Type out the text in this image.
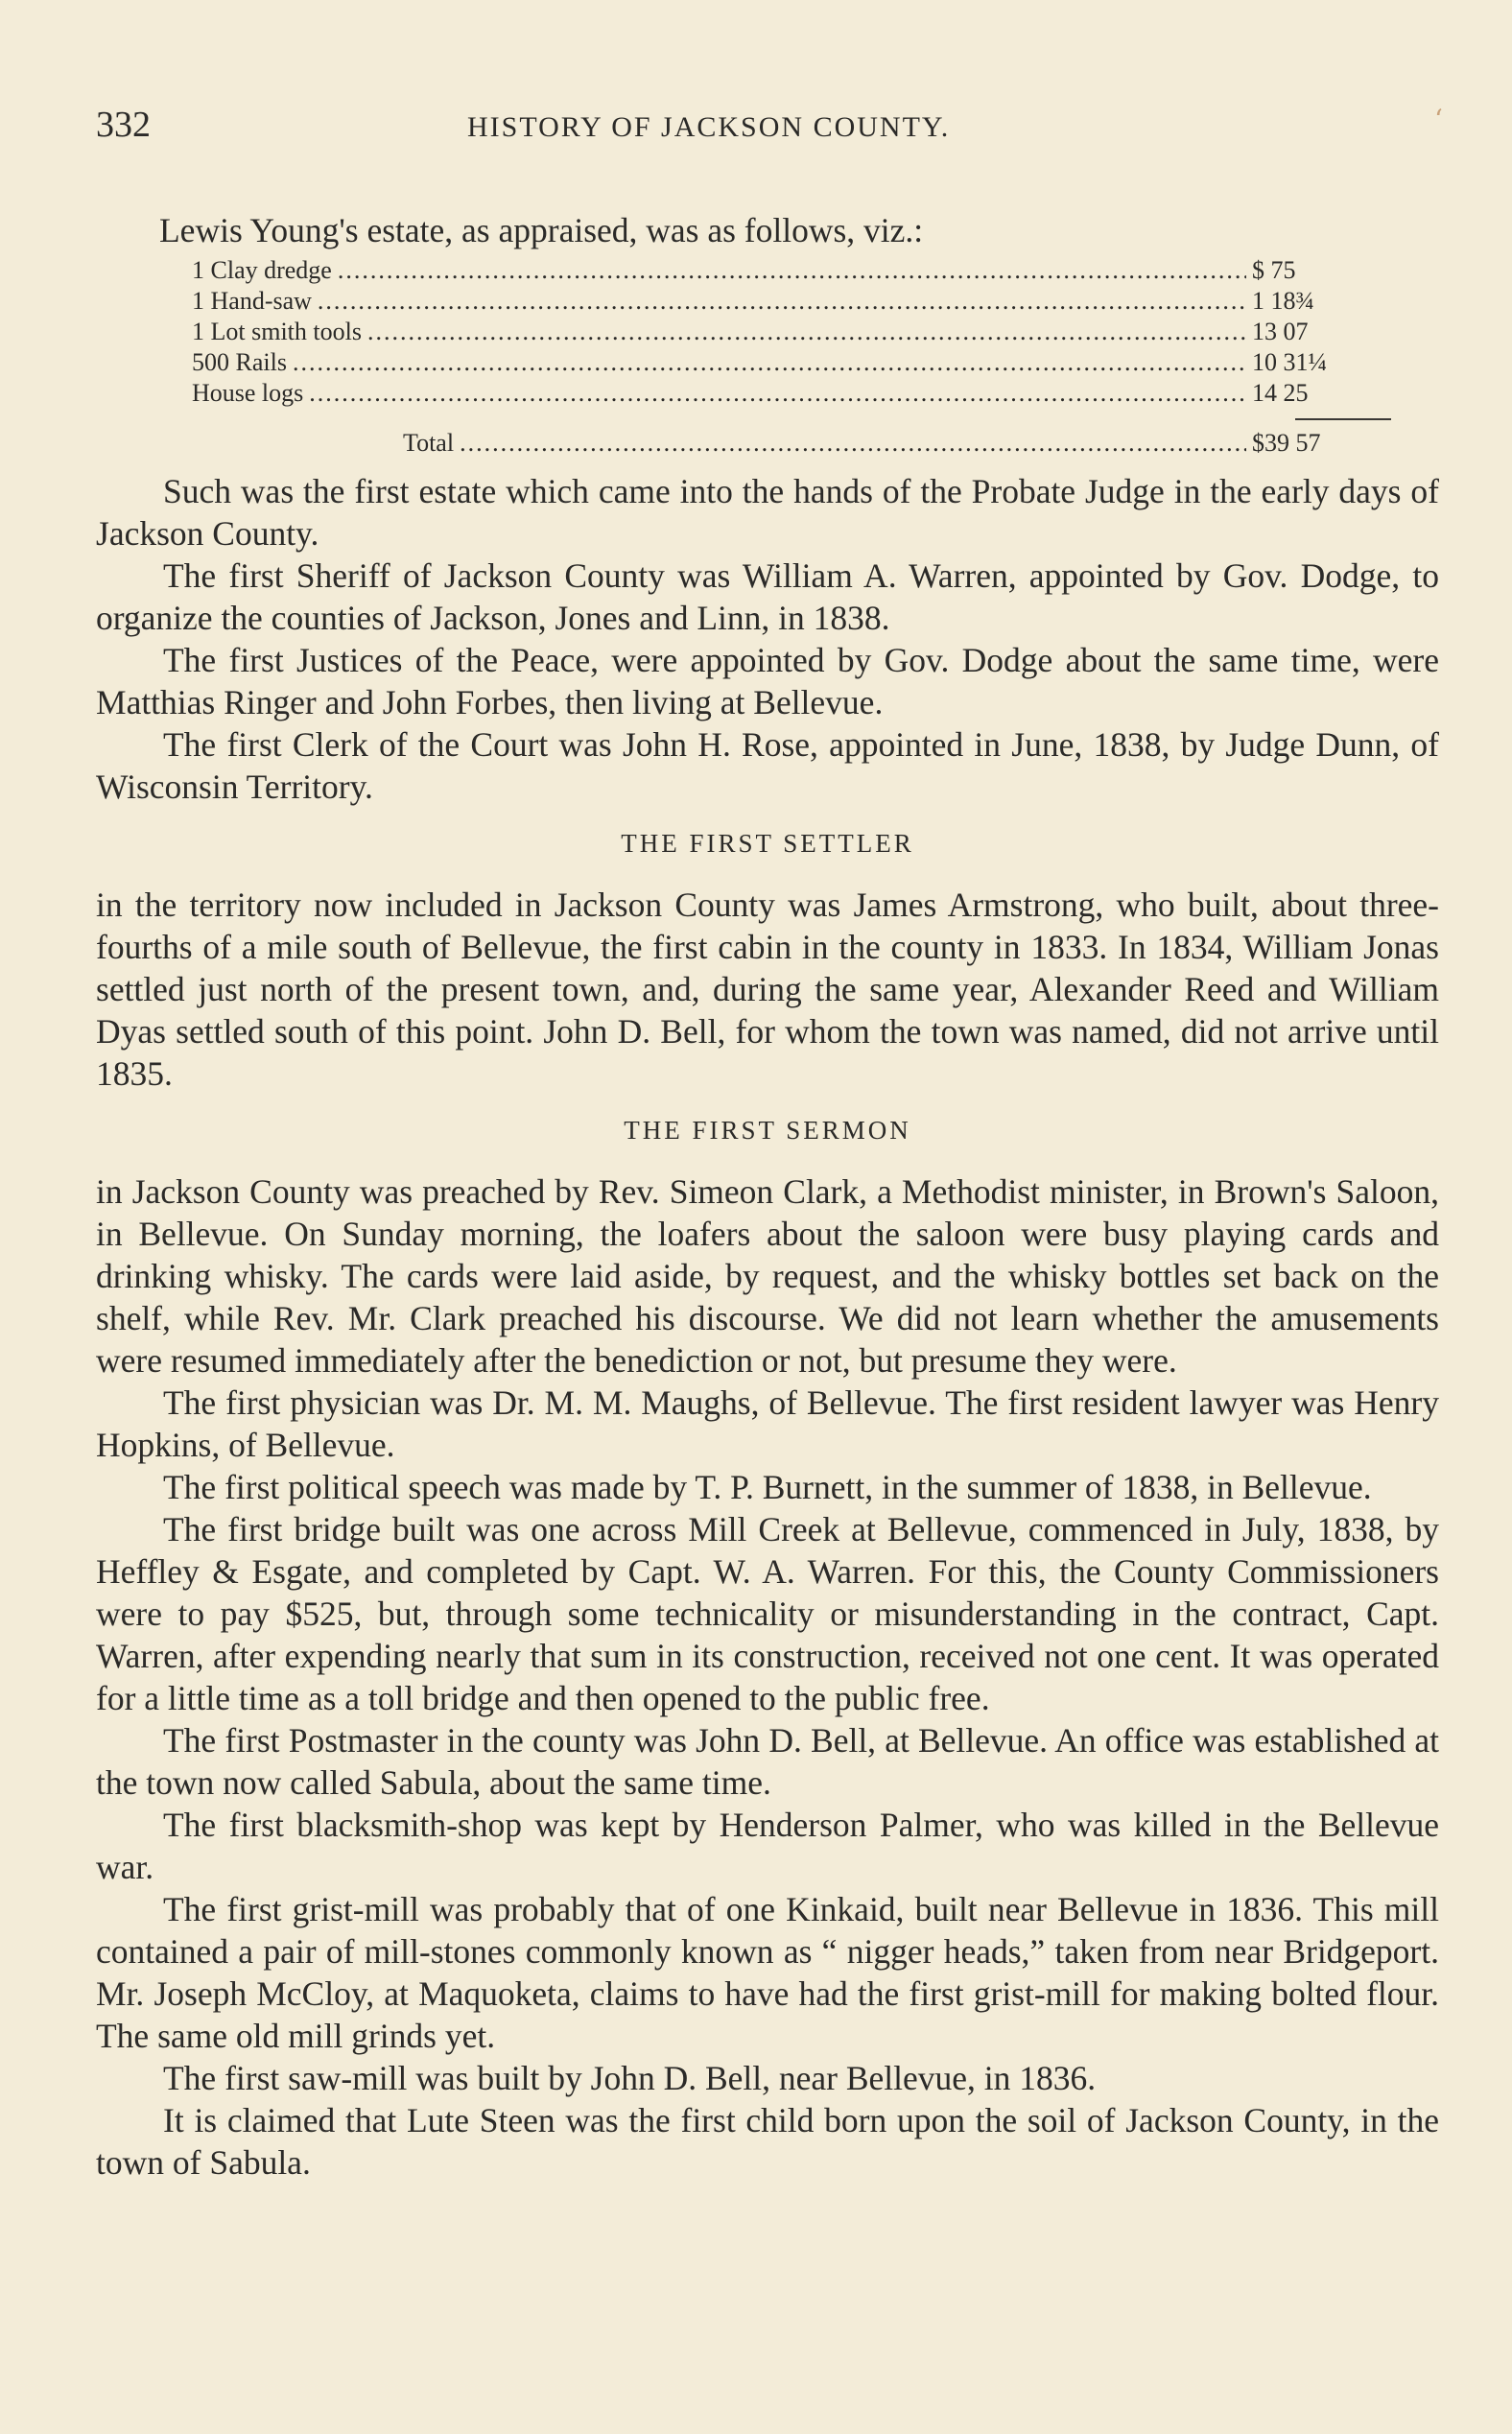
ʻ
332	HISTORY OF JACKSON COUNTY.

Lewis Young's estate, as appraised, was as follows, viz.:

1 Clay dredge .....	$ 75
1 Hand-saw .....	1 18¾
1 Lot smith tools .....	13 07
500 Rails .....	10 31¼
House logs .....	14 25
Total .....	$39 57

Such was the first estate which came into the hands of the Probate Judge in the early days of Jackson County.

The first Sheriff of Jackson County was William A. Warren, appointed by Gov. Dodge, to organize the counties of Jackson, Jones and Linn, in 1838.

The first Justices of the Peace, were appointed by Gov. Dodge about the same time, were Matthias Ringer and John Forbes, then living at Bellevue.

The first Clerk of the Court was John H. Rose, appointed in June, 1838, by Judge Dunn, of Wisconsin Territory.

THE FIRST SETTLER

in the territory now included in Jackson County was James Armstrong, who built, about three-fourths of a mile south of Bellevue, the first cabin in the county in 1833. In 1834, William Jonas settled just north of the present town, and, during the same year, Alexander Reed and William Dyas settled south of this point. John D. Bell, for whom the town was named, did not arrive until 1835.

THE FIRST SERMON

in Jackson County was preached by Rev. Simeon Clark, a Methodist minister, in Brown's Saloon, in Bellevue. On Sunday morning, the loafers about the saloon were busy playing cards and drinking whisky. The cards were laid aside, by request, and the whisky bottles set back on the shelf, while Rev. Mr. Clark preached his discourse. We did not learn whether the amusements were resumed immediately after the benediction or not, but presume they were.

The first physician was Dr. M. M. Maughs, of Bellevue. The first resident lawyer was Henry Hopkins, of Bellevue.

The first political speech was made by T. P. Burnett, in the summer of 1838, in Bellevue.

The first bridge built was one across Mill Creek at Bellevue, commenced in July, 1838, by Heffley & Esgate, and completed by Capt. W. A. Warren. For this, the County Commissioners were to pay $525, but, through some technicality or misunderstanding in the contract, Capt. Warren, after expending nearly that sum in its construction, received not one cent. It was operated for a little time as a toll bridge and then opened to the public free.

The first Postmaster in the county was John D. Bell, at Bellevue. An office was established at the town now called Sabula, about the same time.

The first blacksmith-shop was kept by Henderson Palmer, who was killed in the Bellevue war.

The first grist-mill was probably that of one Kinkaid, built near Bellevue in 1836. This mill contained a pair of mill-stones commonly known as “ nigger heads,” taken from near Bridgeport. Mr. Joseph McCloy, at Maquoketa, claims to have had the first grist-mill for making bolted flour. The same old mill grinds yet.

The first saw-mill was built by John D. Bell, near Bellevue, in 1836.

It is claimed that Lute Steen was the first child born upon the soil of Jackson County, in the town of Sabula.
